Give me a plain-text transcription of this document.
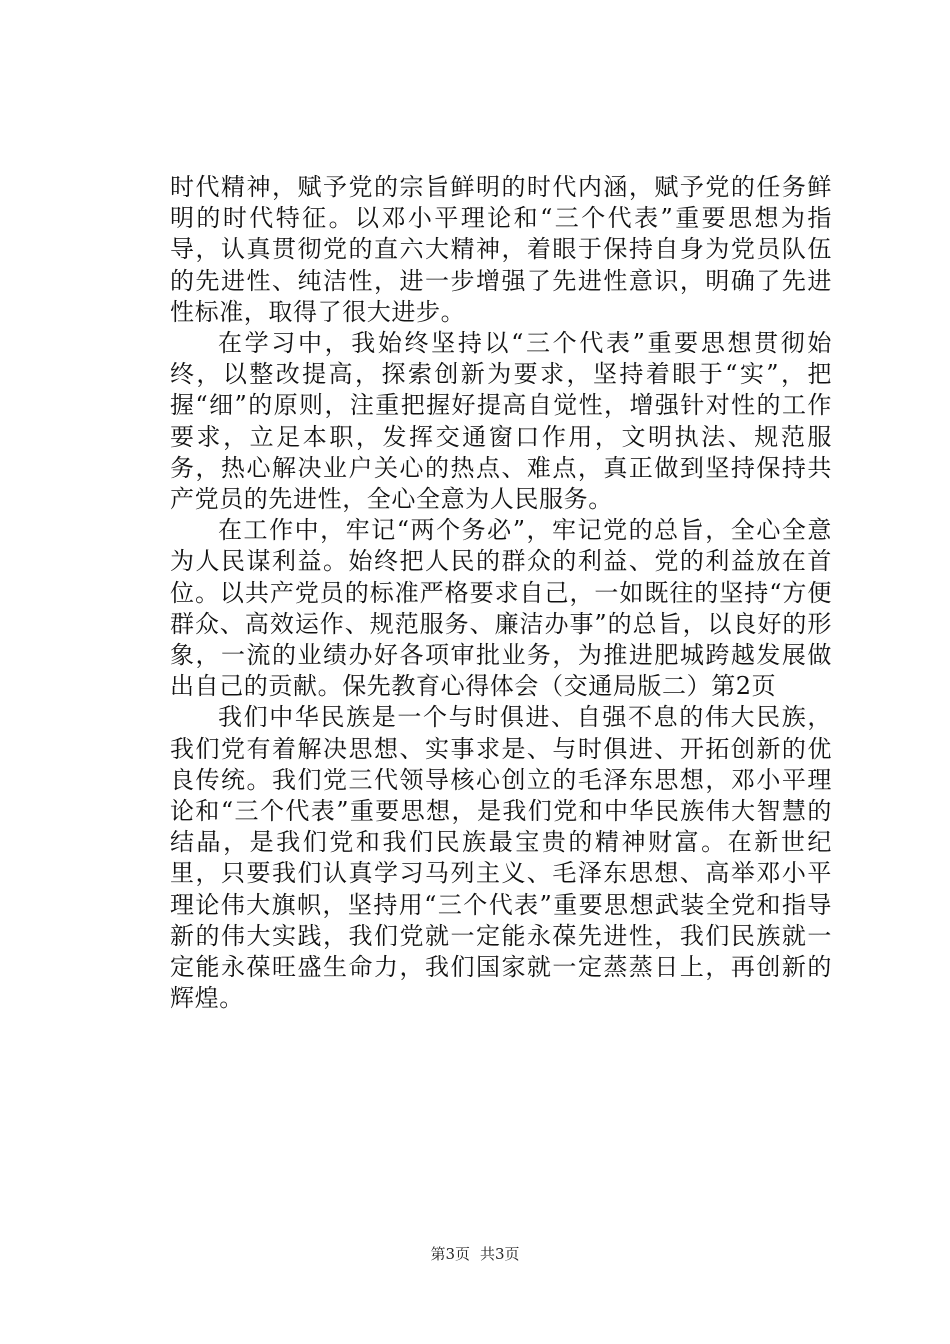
时代精神，赋予党的宗旨鲜明的时代内涵，赋予党的任务鲜明的时代特征。以邓小平理论和“三个代表”重要思想为指导，认真贯彻党的直六大精神，着眼于保持自身为党员队伍的先进性、纯洁性，进一步增强了先进性意识，明确了先进性标准，取得了很大进步。

在学习中，我始终坚持以“三个代表”重要思想贯彻始终，以整改提高，探索创新为要求，坚持着眼于“实”，把握“细”的原则，注重把握好提高自觉性，增强针对性的工作要求，立足本职，发挥交通窗口作用，文明执法、规范服务，热心解决业户关心的热点、难点，真正做到坚持保持共产党员的先进性，全心全意为人民服务。

在工作中，牢记“两个务必”，牢记党的总旨，全心全意为人民谋利益。始终把人民的群众的利益、党的利益放在首位。以共产党员的标准严格要求自己，一如既往的坚持“方便群众、高效运作、规范服务、廉洁办事”的总旨，以良好的形象，一流的业绩办好各项审批业务，为推进肥城跨越发展做出自己的贡献。保先教育心得体会（交通局版二）第2页

我们中华民族是一个与时俱进、自强不息的伟大民族，我们党有着解决思想、实事求是、与时俱进、开拓创新的优良传统。我们党三代领导核心创立的毛泽东思想，邓小平理论和“三个代表”重要思想，是我们党和中华民族伟大智慧的结晶，是我们党和我们民族最宝贵的精神财富。在新世纪里，只要我们认真学习马列主义、毛泽东思想、高举邓小平理论伟大旗帜，坚持用“三个代表”重要思想武装全党和指导新的伟大实践，我们党就一定能永葆先进性，我们民族就一定能永葆旺盛生命力，我们国家就一定蒸蒸日上，再创新的辉煌。

第3页 共3页
